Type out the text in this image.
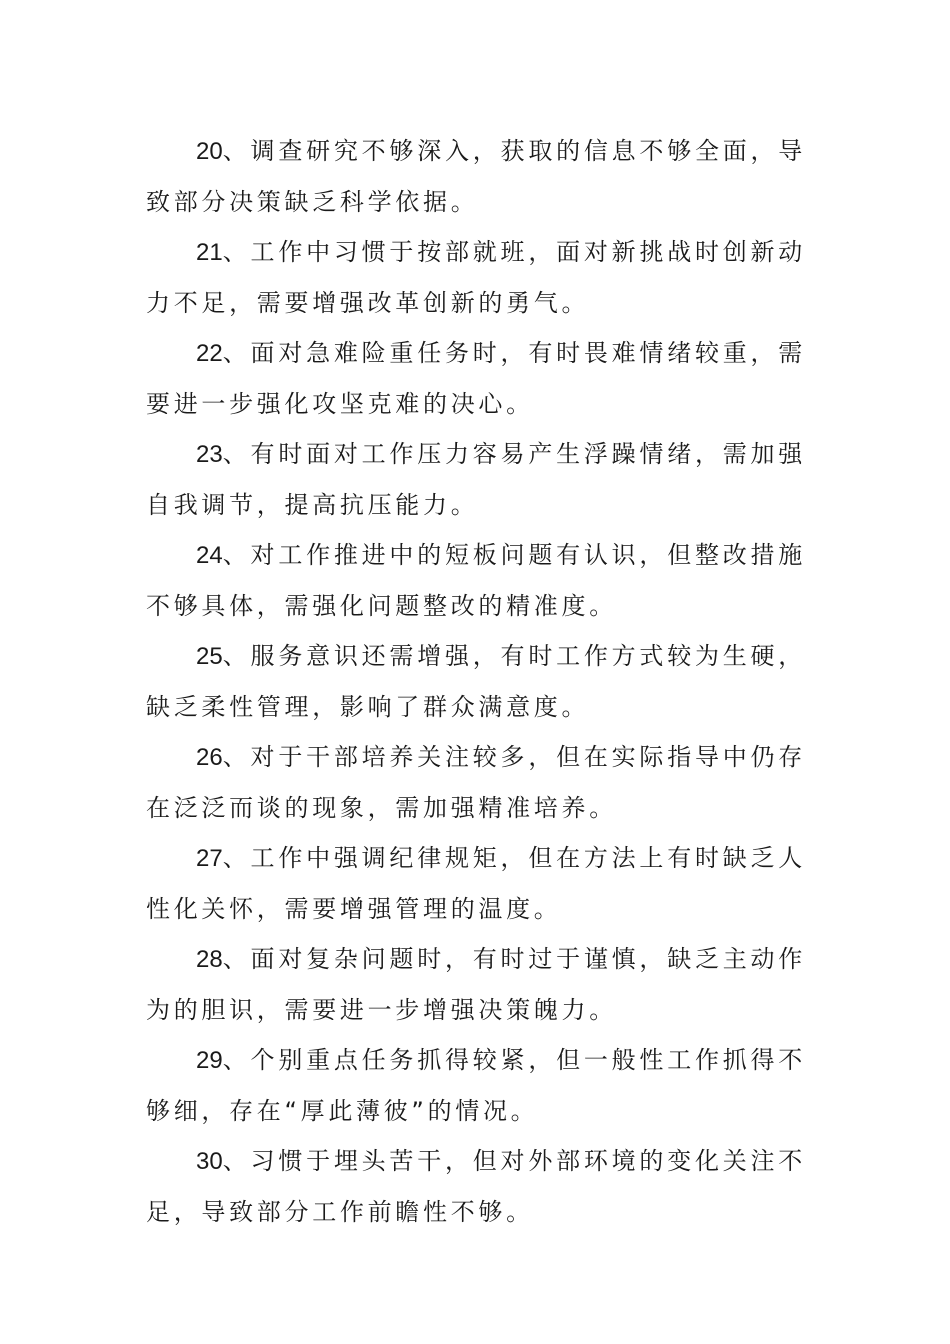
20、调查研究不够深入，获取的信息不够全面，导致部分决策缺乏科学依据。

21、工作中习惯于按部就班，面对新挑战时创新动力不足，需要增强改革创新的勇气。

22、面对急难险重任务时，有时畏难情绪较重，需要进一步强化攻坚克难的决心。

23、有时面对工作压力容易产生浮躁情绪，需加强自我调节，提高抗压能力。

24、对工作推进中的短板问题有认识，但整改措施不够具体，需强化问题整改的精准度。

25、服务意识还需增强，有时工作方式较为生硬，缺乏柔性管理，影响了群众满意度。

26、对于干部培养关注较多，但在实际指导中仍存在泛泛而谈的现象，需加强精准培养。

27、工作中强调纪律规矩，但在方法上有时缺乏人性化关怀，需要增强管理的温度。

28、面对复杂问题时，有时过于谨慎，缺乏主动作为的胆识，需要进一步增强决策魄力。

29、个别重点任务抓得较紧，但一般性工作抓得不够细，存在“厚此薄彼”的情况。

30、习惯于埋头苦干，但对外部环境的变化关注不足，导致部分工作前瞻性不够。
